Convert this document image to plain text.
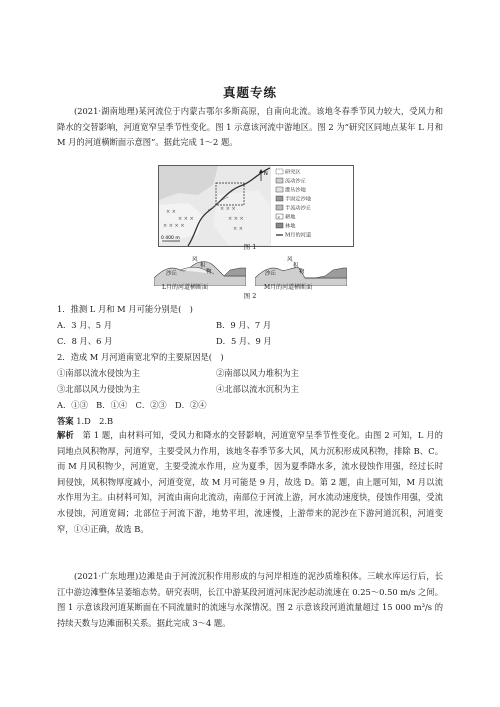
真题专练
(2021·湖南地理)某河流位于内蒙古鄂尔多斯高原，自南向北流。该地冬春季节风力较大，受风力和降水的交替影响，河道宽窄呈季节性变化。图 1 示意该河流中游地区。图 2 为“研究区同地点某年 L 月和 M 月的河道横断面示意图”。据此完成 1～2 题。
× ×
× × ×
× × × ×
× × ×
× × ×
× ×
N
0 400 m
研究区
流动沙丘
灌丛沙地
半固定沙地
半流动沙丘
× 耕地
林地
M月的河道
图 1
沙丘
风
积
物
L月的河道横断面
沙丘
风
积
物
M月的河道横断面
图 2
1．推测 L 月和 M 月可能分别是(　)
A．3 月、5 月	B．9 月、7 月
C．8 月、6 月	D．5 月、9 月
2．造成 M 月河道南宽北窄的主要原因是(　)
①南部以流水侵蚀为主	②南部以风力堆积为主
③北部以风力侵蚀为主	④北部以流水沉积为主
A．①③　B．①④　C．②③　D．②④
答案 1.D　2.B
解析　 第 1 题，由材料可知，受风力和降水的交替影响，河道宽窄呈季节性变化。由图 2 可知，L 月的同地点风积物厚，河道窄，主要受风力作用，该地冬春季节多大风，风力沉积形成风积物，排除 B、C。而 M 月风积物少，河道宽，主要受流水作用，应为夏季，因为夏季降水多，流水侵蚀作用强，经过长时间侵蚀，风积物厚度减小，河道变宽，故 M 月可能是 9 月，故选 D。第 2 题，由上题可知，M 月以流水作用为主。由材料可知，河流由南向北流动，南部位于河流上游，河水流动速度快，侵蚀作用强，受流水侵蚀，河道宽阔；北部位于河流下游，地势平坦，流速慢，上游带来的泥沙在下游河道沉积，河道变窄，①④正确，故选 B。
(2021·广东地理)边滩是由于河流沉积作用形成的与河岸相连的泥沙质堆积体。三峡水库运行后，长江中游边滩整体呈萎缩态势。研究表明，长江中游某段河道河床泥沙起动流速在 0.25～0.50 m/s 之间。图 1 示意该段河道某断面在不同流量时的流速与水深情况。图 2 示意该段河道流量超过 15 000 m³/s 的持续天数与边滩面积关系。据此完成 3～4 题。
